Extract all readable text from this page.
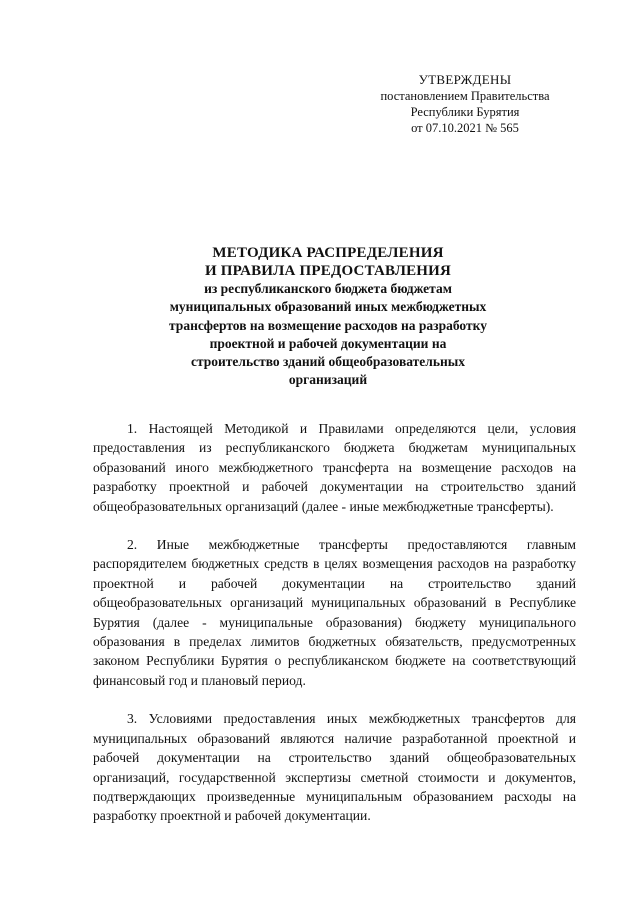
УТВЕРЖДЕНЫ
постановлением Правительства
Республики Бурятия
от 07.10.2021 № 565
МЕТОДИКА РАСПРЕДЕЛЕНИЯ
И ПРАВИЛА ПРЕДОСТАВЛЕНИЯ
из республиканского бюджета бюджетам
муниципальных образований иных межбюджетных
трансфертов на возмещение расходов на разработку
проектной и рабочей документации на
строительство зданий общеобразовательных
организаций

1. Настоящей Методикой и Правилами определяются цели, условия предоставления из республиканского бюджета бюджетам муниципальных образований иного межбюджетного трансферта на возмещение расходов на разработку проектной и рабочей документации на строительство зданий общеобразовательных организаций (далее - иные межбюджетные трансферты).

2. Иные межбюджетные трансферты предоставляются главным распорядителем бюджетных средств в целях возмещения расходов на разработку проектной и рабочей документации на строительство зданий общеобразовательных организаций муниципальных образований в Республике Бурятия (далее - муниципальные образования) бюджету муниципального образования в пределах лимитов бюджетных обязательств, предусмотренных законом Республики Бурятия о республиканском бюджете на соответствующий финансовый год и плановый период.

3. Условиями предоставления иных межбюджетных трансфертов для муниципальных образований являются наличие разработанной проектной и рабочей документации на строительство зданий общеобразовательных организаций, государственной экспертизы сметной стоимости и документов, подтверждающих произведенные муниципальным образованием расходы на разработку проектной и рабочей документации.
